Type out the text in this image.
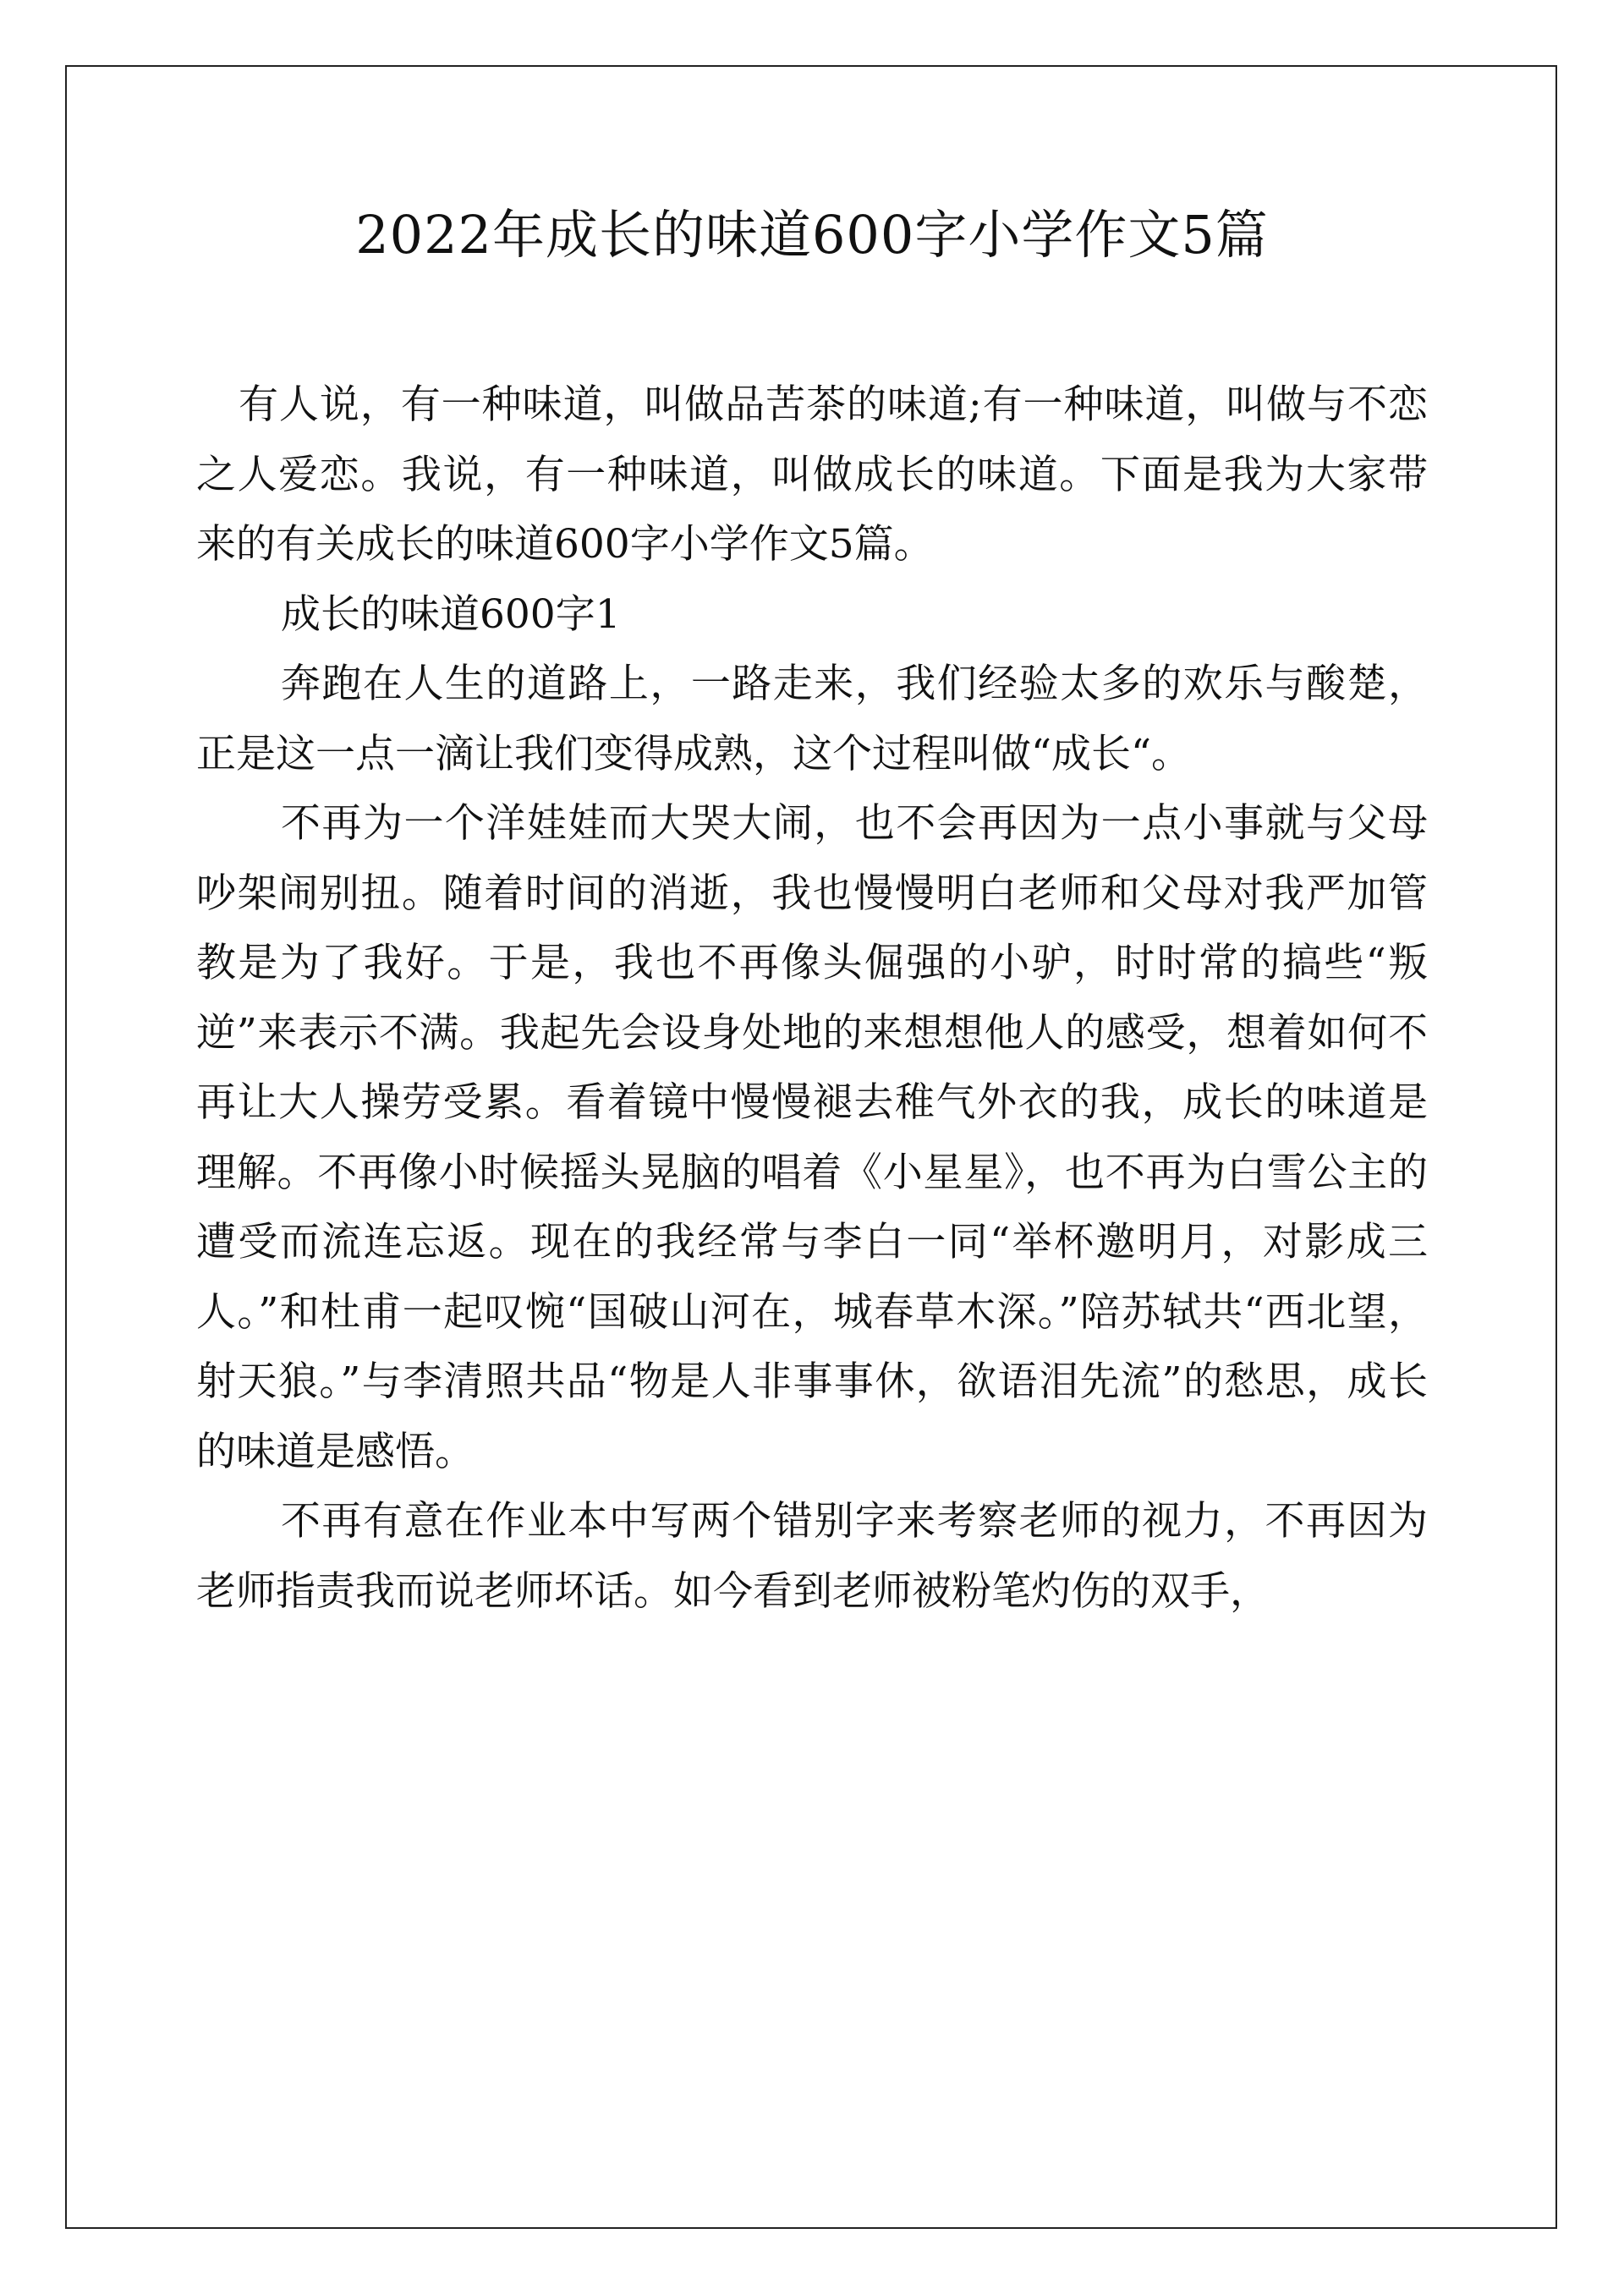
2022年成长的味道600字小学作文5篇

有人说，有一种味道，叫做品苦茶的味道;有一种味道，叫做与不恋之人爱恋。我说，有一种味道，叫做成长的味道。下面是我为大家带来的有关成长的味道600字小学作文5篇。

成长的味道600字1

奔跑在人生的道路上，一路走来，我们经验太多的欢乐与酸楚，正是这一点一滴让我们变得成熟，这个过程叫做“成长“。

不再为一个洋娃娃而大哭大闹，也不会再因为一点小事就与父母吵架闹别扭。随着时间的消逝，我也慢慢明白老师和父母对我严加管教是为了我好。于是，我也不再像头倔强的小驴，时时常的搞些“叛逆”来表示不满。我起先会设身处地的来想想他人的感受，想着如何不再让大人操劳受累。看着镜中慢慢褪去稚气外衣的我，成长的味道是理解。不再像小时候摇头晃脑的唱着《小星星》，也不再为白雪公主的遭受而流连忘返。现在的我经常与李白一同“举杯邀明月，对影成三人。”和杜甫一起叹惋“国破山河在，城春草木深。”陪苏轼共“西北望，射天狼。”与李清照共品“物是人非事事休，欲语泪先流”的愁思，成长的味道是感悟。

不再有意在作业本中写两个错别字来考察老师的视力，不再因为老师指责我而说老师坏话。如今看到老师被粉笔灼伤的双手，
